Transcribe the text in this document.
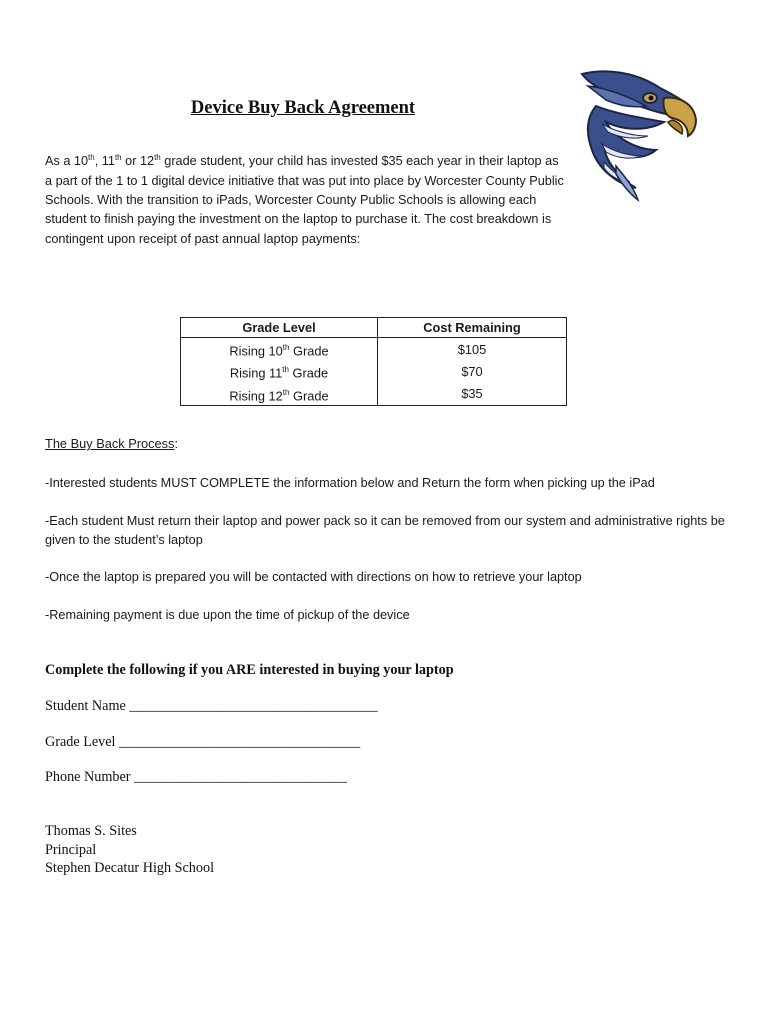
Device Buy Back Agreement

As a 10th, 11th or 12th grade student, your child has invested $35 each year in their laptop as a part of the 1 to 1 digital device initiative that was put into place by Worcester County Public Schools. With the transition to iPads, Worcester County Public Schools is allowing each student to finish paying the investment on the laptop to purchase it. The cost breakdown is contingent upon receipt of past annual laptop payments:

Grade Level	Cost Remaining
Rising 10th Grade	$105
Rising 11th Grade	$70
Rising 12th Grade	$35
The Buy Back Process:

-Interested students MUST COMPLETE the information below and Return the form when picking up the iPad

-Each student Must return their laptop and power pack so it can be removed from our system and administrative rights be given to the student’s laptop

-Once the laptop is prepared you will be contacted with directions on how to retrieve your laptop

-Remaining payment is due upon the time of pickup of the device

Complete the following if you ARE interested in buying your laptop
Student Name ___________________________________
Grade Level __________________________________
Phone Number ______________________________
Thomas S. Sites
Principal
Stephen Decatur High School
